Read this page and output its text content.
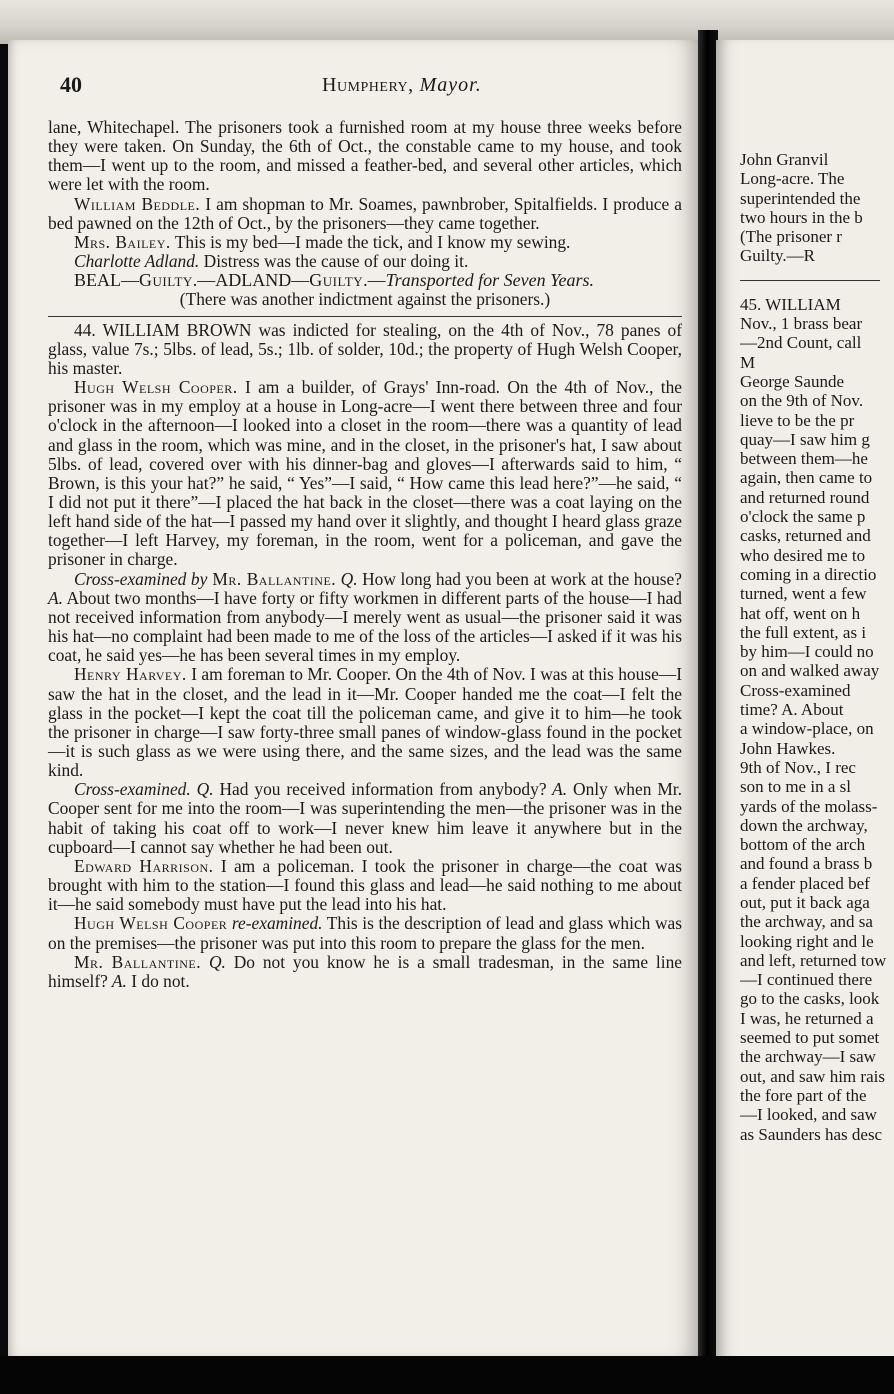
40	Humphery, Mayor.

lane, Whitechapel. The prisoners took a furnished room at my house three weeks before they were taken. On Sunday, the 6th of Oct., the constable came to my house, and took them—I went up to the room, and missed a feather-bed, and several other articles, which were let with the room.

William Beddle. I am shopman to Mr. Soames, pawnbrober, Spitalfields. I produce a bed pawned on the 12th of Oct., by the prisoners—they came together.

Mrs. Bailey. This is my bed—I made the tick, and I know my sewing.

Charlotte Adland. Distress was the cause of our doing it.

BEAL—Guilty.—ADLAND—Guilty.—Transported for Seven Years.

(There was another indictment against the prisoners.)

44. WILLIAM BROWN was indicted for stealing, on the 4th of Nov., 78 panes of glass, value 7s.; 5lbs. of lead, 5s.; 1lb. of solder, 10d.; the property of Hugh Welsh Cooper, his master.

Hugh Welsh Cooper. I am a builder, of Grays' Inn-road. On the 4th of Nov., the prisoner was in my employ at a house in Long-acre—I went there between three and four o'clock in the afternoon—I looked into a closet in the room—there was a quantity of lead and glass in the room, which was mine, and in the closet, in the prisoner's hat, I saw about 5lbs. of lead, covered over with his dinner-bag and gloves—I afterwards said to him, “ Brown, is this your hat?” he said, “ Yes”—I said, “ How came this lead here?”—he said, “ I did not put it there”—I placed the hat back in the closet—there was a coat laying on the left hand side of the hat—I passed my hand over it slightly, and thought I heard glass graze together—I left Harvey, my foreman, in the room, went for a policeman, and gave the prisoner in charge.

Cross-examined by Mr. Ballantine. Q. How long had you been at work at the house? A. About two months—I have forty or fifty workmen in different parts of the house—I had not received information from anybody—I merely went as usual—the prisoner said it was his hat—no complaint had been made to me of the loss of the articles—I asked if it was his coat, he said yes—he has been several times in my employ.

Henry Harvey. I am foreman to Mr. Cooper. On the 4th of Nov. I was at this house—I saw the hat in the closet, and the lead in it—Mr. Cooper handed me the coat—I felt the glass in the pocket—I kept the coat till the policeman came, and give it to him—he took the prisoner in charge—I saw forty-three small panes of window-glass found in the pocket—it is such glass as we were using there, and the same sizes, and the lead was the same kind.

Cross-examined. Q. Had you received information from anybody? A. Only when Mr. Cooper sent for me into the room—I was superintending the men—the prisoner was in the habit of taking his coat off to work—I never knew him leave it anywhere but in the cupboard—I cannot say whether he had been out.

Edward Harrison. I am a policeman. I took the prisoner in charge—the coat was brought with him to the station—I found this glass and lead—he said nothing to me about it—he said somebody must have put the lead into his hat.

Hugh Welsh Cooper re-examined. This is the description of lead and glass which was on the premises—the prisoner was put into this room to prepare the glass for the men.

Mr. Ballantine. Q. Do not you know he is a small tradesman, in the same line himself? A. I do not.

John Granvil
Long-acre. The
superintended the
two hours in the b
(The prisoner r
Guilty.—R
45. WILLIAM
Nov., 1 brass bear
—2nd Count, call
M
George Saunde
on the 9th of Nov.
lieve to be the pr
quay—I saw him g
between them—he
again, then came to
and returned round
o'clock the same p
casks, returned and
who desired me to
coming in a directio
turned, went a few
hat off, went on h
the full extent, as i
by him—I could no
on and walked away
Cross-examined
time? A. About
a window-place, on
John Hawkes.
9th of Nov., I rec
son to me in a sl
yards of the molass-
down the archway,
bottom of the arch
and found a brass b
a fender placed bef
out, put it back aga
the archway, and sa
looking right and le
and left, returned tow
—I continued there
go to the casks, look
I was, he returned a
seemed to put somet
the archway—I saw
out, and saw him rais
the fore part of the
—I looked, and saw
as Saunders has desc
